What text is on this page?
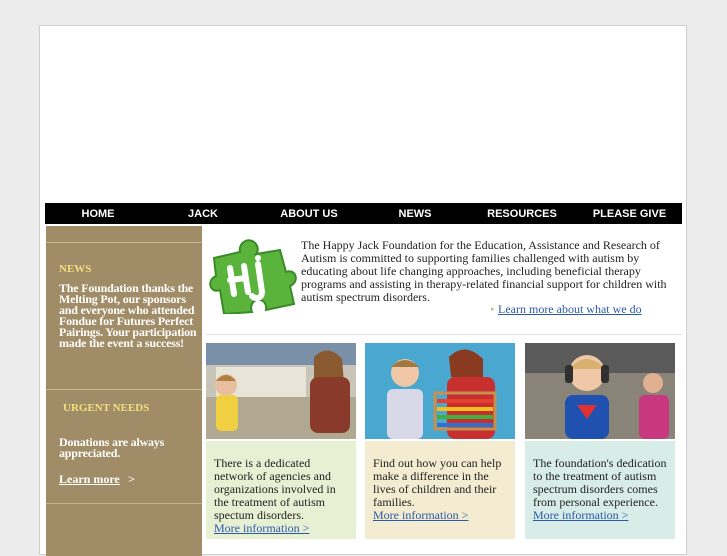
HOME	JACK	ABOUT US	NEWS	RESOURCES	PLEASE GIVE
NEWS
The Foundation thanks the Melting Pot, our sponsors and everyone who attended Fondue for Futures Perfect Pairings. Your participation made the event a success!
URGENT NEEDS
Donations are always appreciated.
Learn more >
The Happy Jack Foundation for the Education, Assistance and Research of Autism is committed to supporting families challenged with autism by educating about life changing approaches, including beneficial therapy programs and assisting in therapy-related financial support for children with autism spectrum disorders.
▸ Learn more about what we do
There is a dedicated network of agencies and organizations involved in the treatment of autism spectum disorders.
More information >
Find out how you can help make a difference in the lives of children and their families.
More information >
The foundation's dedication to the treatment of autism spectrum disorders comes from personal experience.
More information >
